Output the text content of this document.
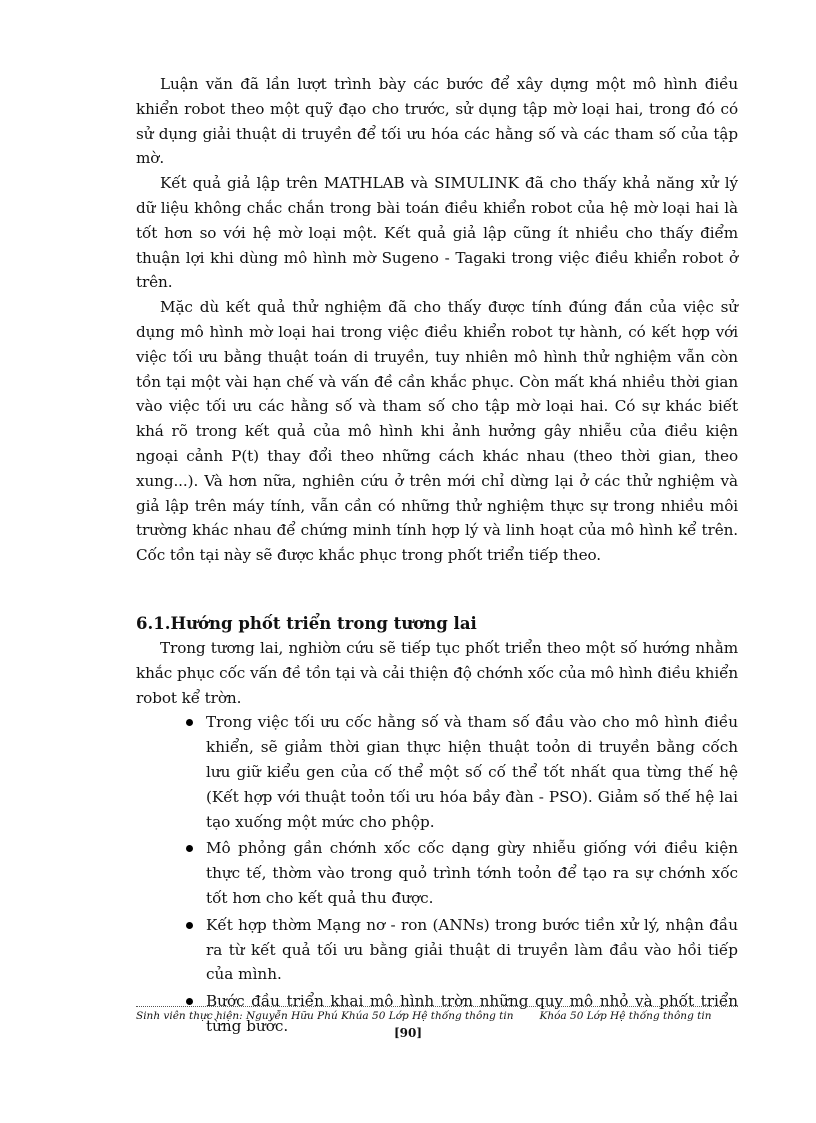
Luận văn đã lần lượt trình bày các bước để xây dựng một mô hình điều khiển robot theo một quỹ đạo cho trước, sử dụng tập mờ loại hai, trong đó có sử dụng giải thuật di truyền để tối ưu hóa các hằng số và các tham số của tập mờ.

Kết quả giả lập trên MATHLAB và SIMULINK đã cho thấy khả năng xử lý dữ liệu không chắc chắn trong bài toán điều khiển robot của hệ mờ loại hai là tốt hơn so với hệ mờ loại một. Kết quả giả lập cũng ít nhiều cho thấy điểm thuận lợi khi dùng mô hình mờ Sugeno - Tagaki trong việc điều khiển robot ở trên.

Mặc dù kết quả thử nghiệm đã cho thấy được tính đúng đắn của việc sử dụng mô hình mờ loại hai trong việc điều khiển robot tự hành, có kết hợp với việc tối ưu bằng thuật toán di truyền, tuy nhiên mô hình thử nghiệm vẫn còn tồn tại một vài hạn chế và vấn đề cần khắc phục. Còn mất khá nhiều thời gian vào việc tối ưu các hằng số và tham số cho tập mờ loại hai. Có sự khác biết khá rõ trong kết quả của mô hình khi ảnh hưởng gây nhiễu của điều kiện ngoại cảnh P(t) thay đổi theo những cách khác nhau (theo thời gian, theo xung...). Và hơn nữa, nghiên cứu ở trên mới chỉ dừng lại ở các thử nghiệm và giả lập trên máy tính, vẫn cần có những thử nghiệm thực sự trong nhiều môi trường khác nhau để chứng minh tính hợp lý và linh hoạt của mô hình kể trên. Cốc tồn tại này sẽ được khắc phục trong phốt triển tiếp theo.

6.1.Hướng phốt triển trong tương lai

Trong tương lai, nghiờn cứu sẽ tiếp tục phốt triển theo một số hướng nhằm khắc phục cốc vấn đề tồn tại và cải thiện độ chớnh xốc của mô hình điều khiển robot kể trờn.

Trong việc tối ưu cốc hằng số và tham số đầu vào cho mô hình điều khiển, sẽ giảm thời gian thực hiện thuật toỏn di truyền bằng cốch lưu giữ kiểu gen của cố thể một số cố thể tốt nhất qua từng thế hệ (Kết hợp với thuật toỏn tối ưu hóa bầy đàn - PSO). Giảm số thế hệ lai tạo xuống một mức cho phộp.
Mô phỏng gần chớnh xốc cốc dạng gừy nhiễu giống với điều kiện thực tế, thờm vào trong quỏ trình tớnh toỏn để tạo ra sự chớnh xốc tốt hơn cho kết quả thu được.
Kết hợp thờm Mạng nơ - ron (ANNs) trong bước tiền xử lý, nhận đầu ra từ kết quả tối ưu bằng giải thuật di truyền làm đầu vào hồi tiếp của mình.
Bước đầu triển khai mô hình trờn những quy mô nhỏ và phốt triển từng bước.
Sinh viên thực hiện: Nguyễn Hữu Phú Khúa 50 Lớp Hệ thống thông tin Khóa 50 Lớp Hệ thống thông tin
[90]
